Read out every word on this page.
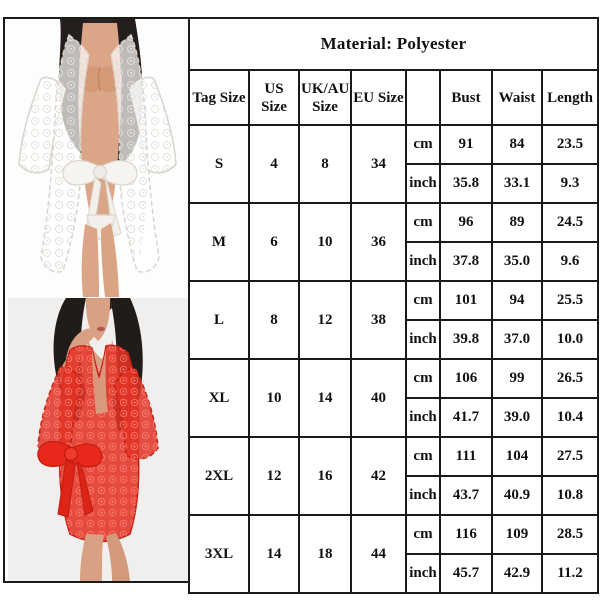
Material: Polyester							
Tag Size	US Size	UK/AU Size	EU Size		Bust	Waist	Length
S	4	8	34	cm	91	84	23.5
				inch	35.8	33.1	9.3
M	6	10	36	cm	96	89	24.5
				inch	37.8	35.0	9.6
L	8	12	38	cm	101	94	25.5
				inch	39.8	37.0	10.0
XL	10	14	40	cm	106	99	26.5
				inch	41.7	39.0	10.4
2XL	12	16	42	cm	111	104	27.5
				inch	43.7	40.9	10.8
3XL	14	18	44	cm	116	109	28.5
				inch	45.7	42.9	11.2
